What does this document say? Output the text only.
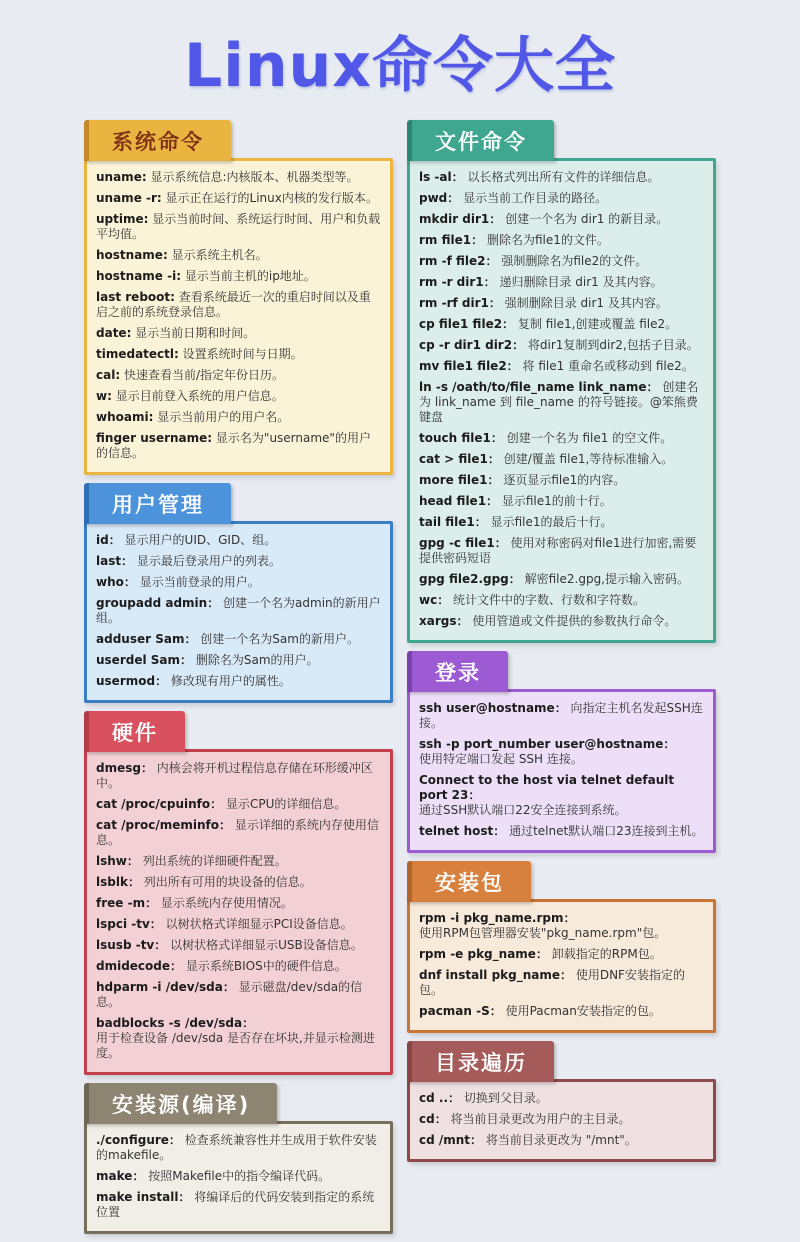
Linux命令大全
系统命令

uname: 显示系统信息:内核版本、机器类型等。

uname -r: 显示正在运行的Linux内核的发行版本。

uptime: 显示当前时间、系统运行时间、用户和负载平均值。

hostname: 显示系统主机名。

hostname -i: 显示当前主机的ip地址。

last reboot: 查看系统最近一次的重启时间以及重启之前的系统登录信息。

date: 显示当前日期和时间。

timedatectl: 设置系统时间与日期。

cal: 快速查看当前/指定年份日历。

w: 显示目前登入系统的用户信息。

whoami: 显示当前用户的用户名。

finger username: 显示名为"username"的用户的信息。

用户管理

id： 显示用户的UID、GID、组。

last： 显示最后登录用户的列表。

who： 显示当前登录的用户。

groupadd admin： 创建一个名为admin的新用户组。

adduser Sam： 创建一个名为Sam的新用户。

userdel Sam： 删除名为Sam的用户。

usermod： 修改现有用户的属性。

硬件

dmesg： 内核会将开机过程信息存储在环形缓冲区中。

cat /proc/cpuinfo： 显示CPU的详细信息。

cat /proc/meminfo： 显示详细的系统内存使用信息。

lshw： 列出系统的详细硬件配置。

lsblk： 列出所有可用的块设备的信息。

free -m： 显示系统内存使用情况。

lspci -tv： 以树状格式详细显示PCI设备信息。

lsusb -tv： 以树状格式详细显示USB设备信息。

dmidecode： 显示系统BIOS中的硬件信息。

hdparm -i /dev/sda： 显示磁盘/dev/sda的信息。

badblocks -s /dev/sda：
用于检查设备 /dev/sda 是否存在坏块,并显示检测进度。

安装源(编译)

./configure： 检查系统兼容性并生成用于软件安装的makefile。

make： 按照Makefile中的指令编译代码。

make install： 将编译后的代码安装到指定的系统位置

文件命令

ls -al： 以长格式列出所有文件的详细信息。

pwd： 显示当前工作目录的路径。

mkdir dir1： 创建一个名为 dir1 的新目录。

rm file1： 删除名为file1的文件。

rm -f file2： 强制删除名为file2的文件。

rm -r dir1： 递归删除目录 dir1 及其内容。

rm -rf dir1： 强制删除目录 dir1 及其内容。

cp file1 file2： 复制 file1,创建或覆盖 file2。

cp -r dir1 dir2： 将dir1复制到dir2,包括子目录。

mv file1 file2： 将 file1 重命名或移动到 file2。

ln -s /oath/to/file_name link_name： 创建名为 link_name 到 file_name 的符号链接。@笨熊费键盘

touch file1： 创建一个名为 file1 的空文件。

cat > file1： 创建/覆盖 file1,等待标准输入。

more file1： 逐页显示file1的内容。

head file1： 显示file1的前十行。

tail file1： 显示file1的最后十行。

gpg -c file1： 使用对称密码对file1进行加密,需要提供密码短语

gpg file2.gpg： 解密file2.gpg,提示输入密码。

wc： 统计文件中的字数、行数和字符数。

xargs： 使用管道或文件提供的参数执行命令。

登录

ssh user@hostname： 向指定主机名发起SSH连接。

ssh -p port_number user@hostname：
使用特定端口发起 SSH 连接。

Connect to the host via telnet default port 23：
通过SSH默认端口22安全连接到系统。

telnet host： 通过telnet默认端口23连接到主机。

安装包

rpm -i pkg_name.rpm：
使用RPM包管理器安装"pkg_name.rpm"包。

rpm -e pkg_name： 卸载指定的RPM包。

dnf install pkg_name： 使用DNF安装指定的包。

pacman -S： 使用Pacman安装指定的包。

目录遍历

cd ..： 切换到父目录。

cd： 将当前目录更改为用户的主目录。

cd /mnt： 将当前目录更改为 "/mnt"。
